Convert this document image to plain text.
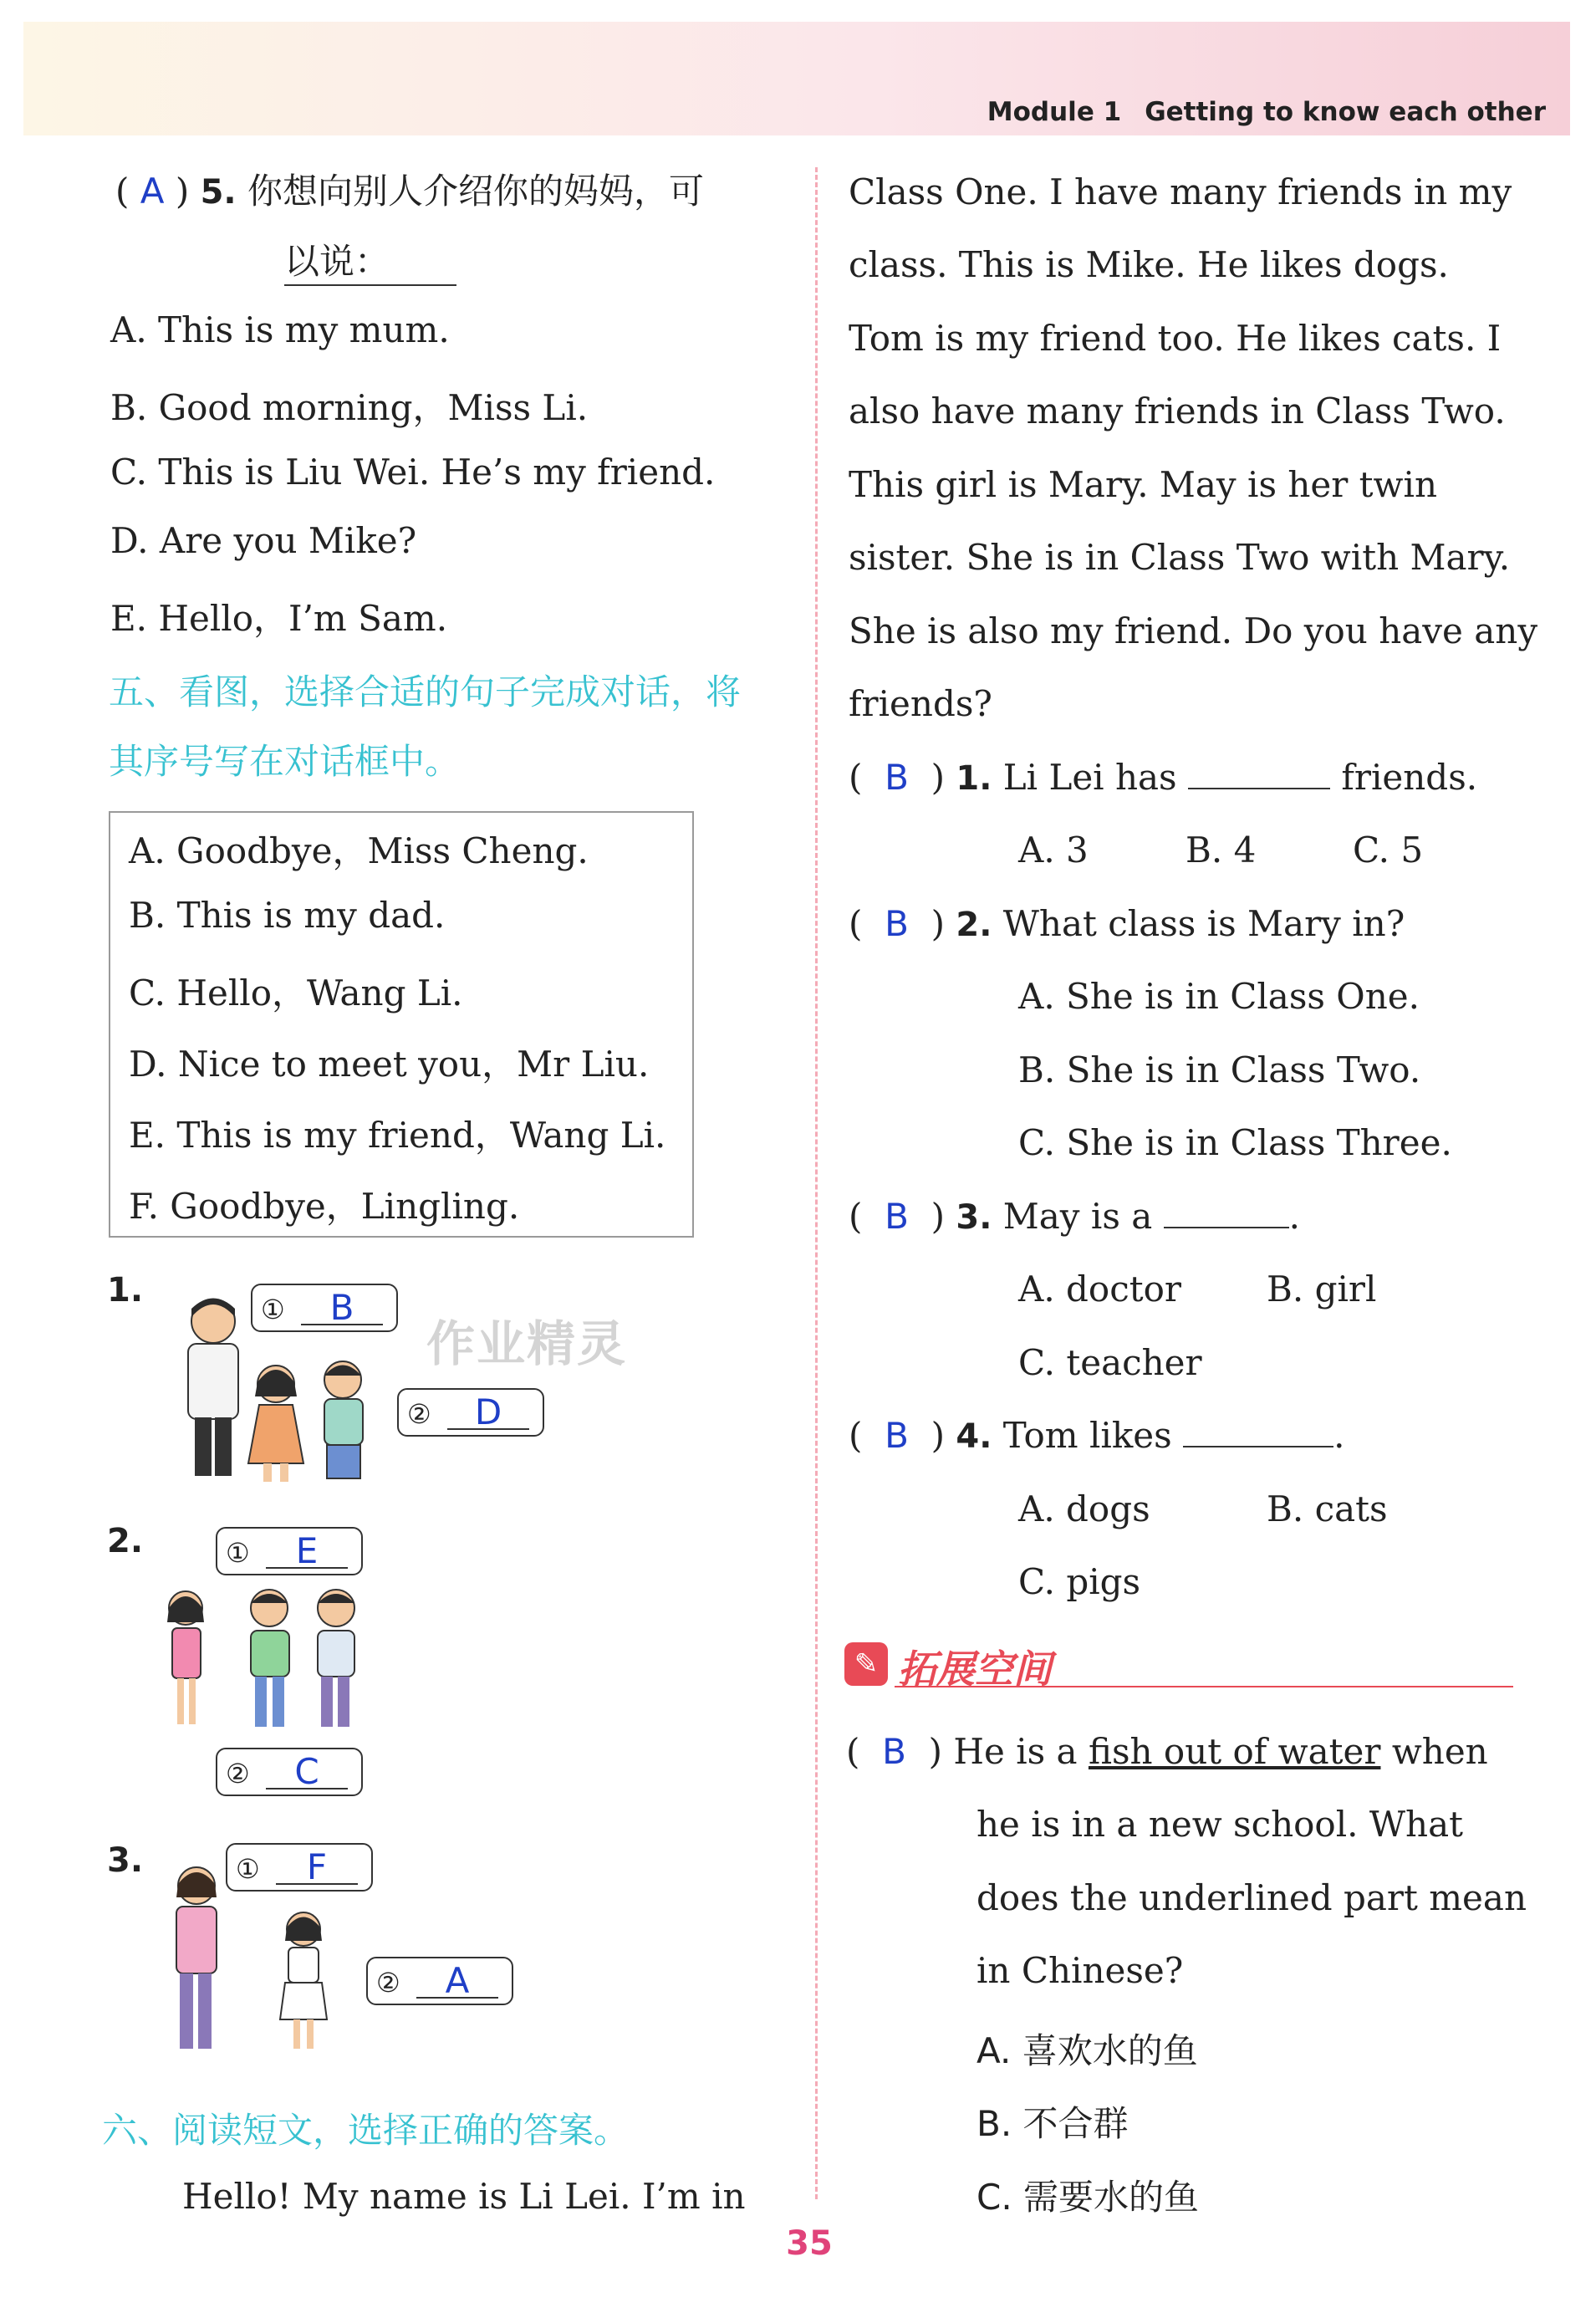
Module 1 Getting to know each other
( A ) 5. 你想向别人介绍你的妈妈，可
以说：
A. This is my mum.
B. Good morning，Miss Li.
C. This is Liu Wei. He’s my friend.
D. Are you Mike?
E. Hello，I’m Sam.
五、看图，选择合适的句子完成对话，将
其序号写在对话框中。
A. Goodbye，Miss Cheng.
B. This is my dad.
C. Hello，Wang Li.
D. Nice to meet you，Mr Liu.
E. This is my friend，Wang Li.
F. Goodbye，Lingling.
1.	①	B
②	D
作业精灵
2.	①	E
②	C
3.	①	F
②	A
六、阅读短文，选择正确的答案。
Hello! My name is Li Lei. I’m in
Class One. I have many friends in my
class. This is Mike. He likes dogs.
Tom is my friend too. He likes cats. I
also have many friends in Class Two.
This girl is Mary. May is her twin
sister. She is in Class Two with Mary.
She is also my friend. Do you have any
friends?
( B ) 1. Li Lei has	friends.
A. 3	B. 4	C. 5
( B ) 2. What class is Mary in?
A. She is in Class One.
B. She is in Class Two.
C. She is in Class Three.
( B ) 3. May is a	.
A. doctor B. girl
C. teacher
( B ) 4. Tom likes	.
A. dogs	B. cats
C. pigs
✎ 拓展空间
( B ) He is a fish out of water when
he is in a new school. What
does the underlined part mean
in Chinese?
A. 喜欢水的鱼
B. 不合群
C. 需要水的鱼
35
